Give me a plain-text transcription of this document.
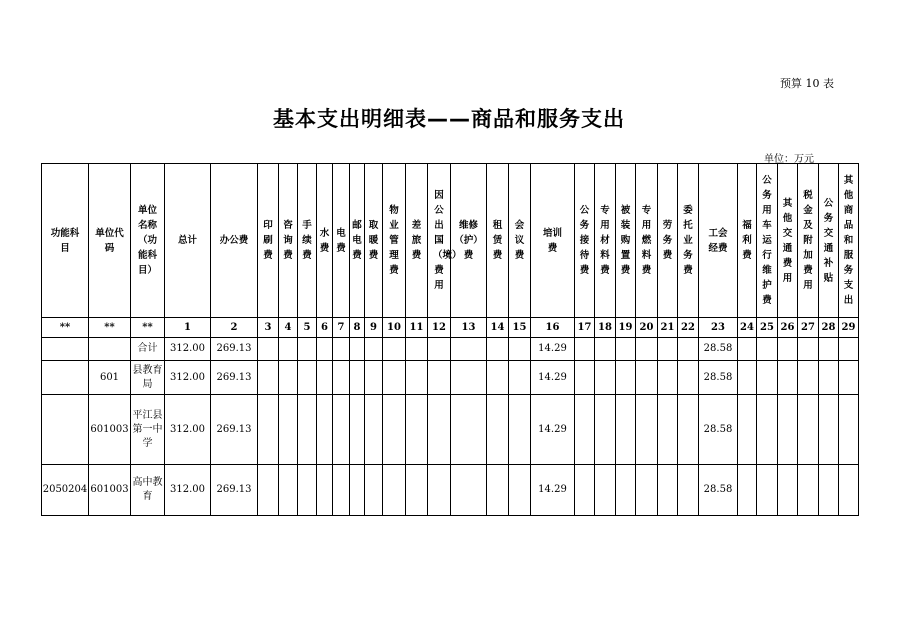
预算 10 表
基本支出明细表——商品和服务支出
单位：万元
功能科目	单位代码	单位名称（功能科目）	总计	办公费	印刷费	咨询费	手续费	水费	电费	邮电费	取暖费	物业管理费	差旅费	因公出国（境）费用	维修（护）费	租赁费	会议费	培训费	公务接待费	专用材料费	被装购置费	专用燃料费	劳务费	委托业务费	工会经费	福利费	公务用车运行维护费	其他交通费用	税金及附加费用	公务交通补贴	其他商品和服务支出

**	**	**	1	2	3	4	5	6	7	8	9	10	11	12	13	14	15	16	17	18	19	20	21	22	23	24	25	26	27	28	29

		合计	312.00	269.13														14.29							28.58						
	601	县教育局	312.00	269.13														14.29							28.58						
	601003	平江县第一中学	312.00	269.13														14.29							28.58						
2050204	601003	高中教育	312.00	269.13														14.29							28.58						
